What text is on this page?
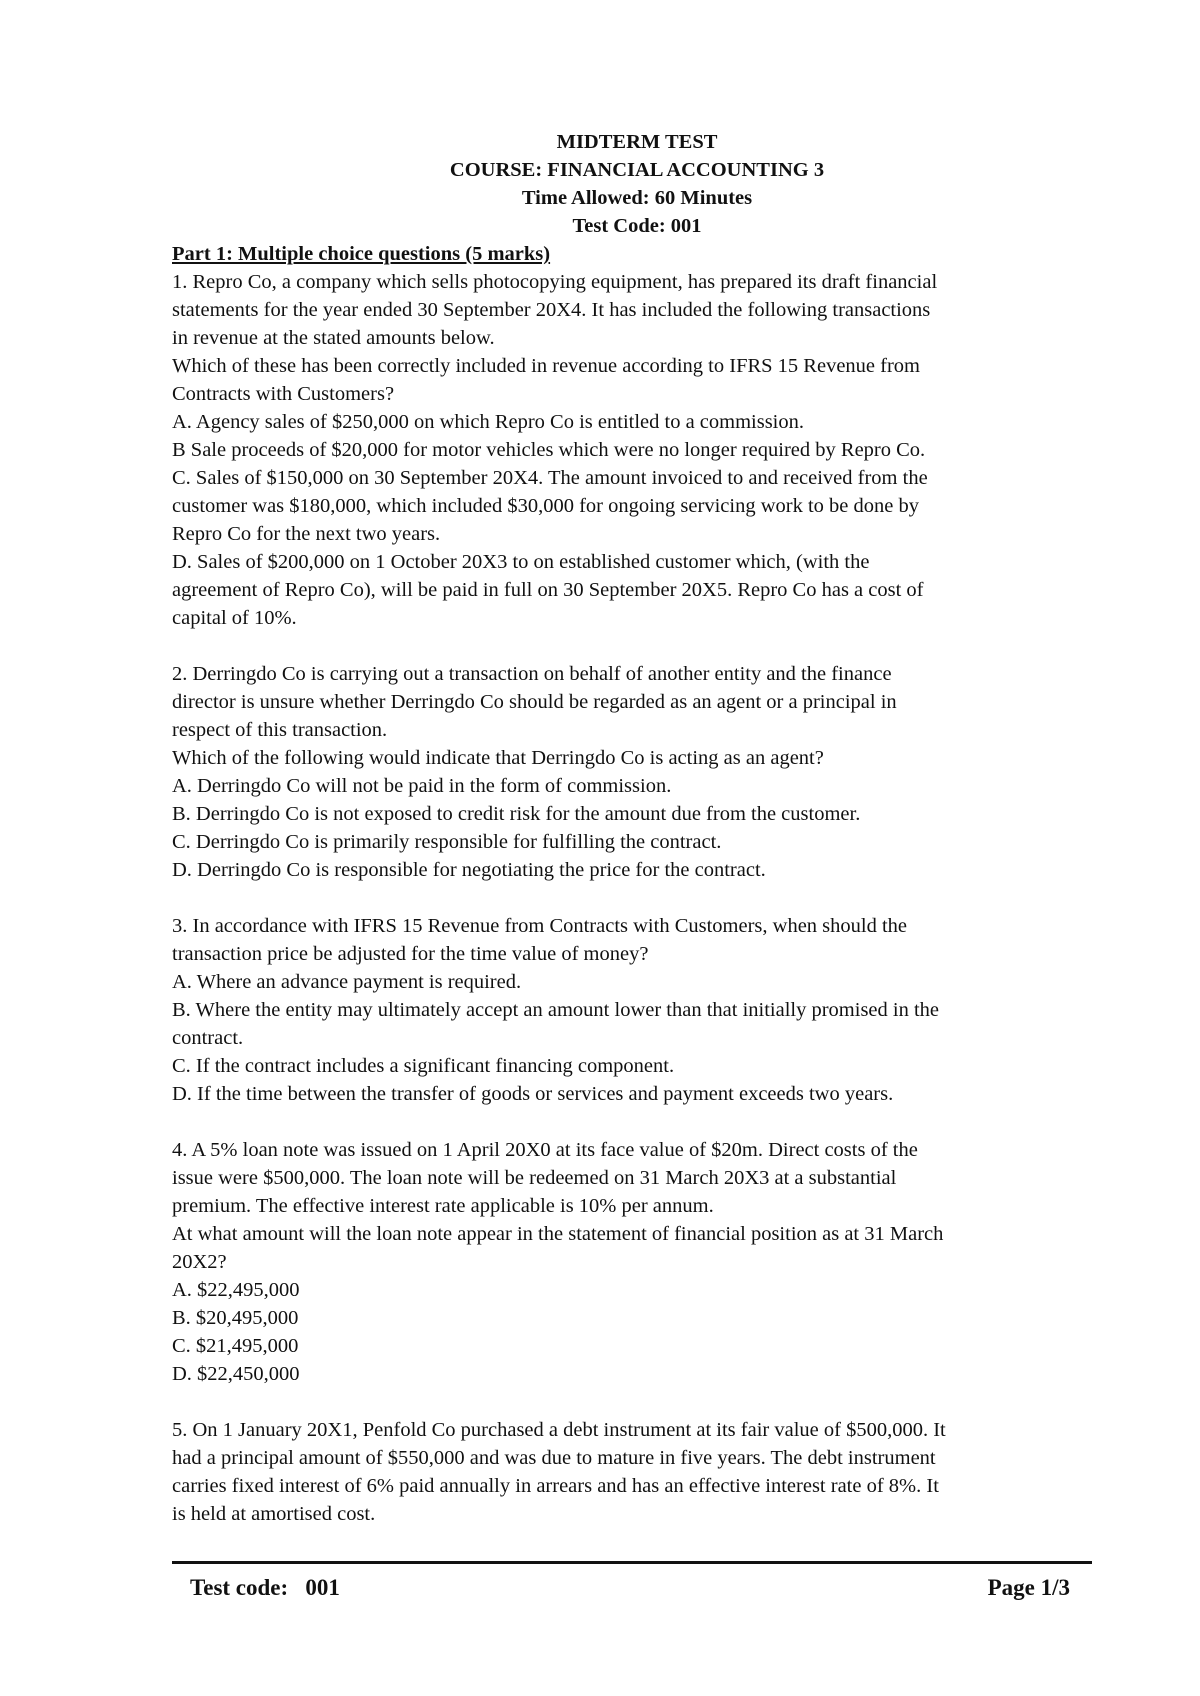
MIDTERM TEST
COURSE: FINANCIAL ACCOUNTING 3
Time Allowed: 60 Minutes
Test Code: 001
Part 1: Multiple choice questions (5 marks)
1. Repro Co, a company which sells photocopying equipment, has prepared its draft financial
statements for the year ended 30 September 20X4. It has included the following transactions
in revenue at the stated amounts below.
Which of these has been correctly included in revenue according to IFRS 15 Revenue from
Contracts with Customers?
A. Agency sales of $250,000 on which Repro Co is entitled to a commission.
B Sale proceeds of $20,000 for motor vehicles which were no longer required by Repro Co.
C. Sales of $150,000 on 30 September 20X4. The amount invoiced to and received from the
customer was $180,000, which included $30,000 for ongoing servicing work to be done by
Repro Co for the next two years.
D. Sales of $200,000 on 1 October 20X3 to on established customer which, (with the
agreement of Repro Co), will be paid in full on 30 September 20X5. Repro Co has a cost of
capital of 10%.
2. Derringdo Co is carrying out a transaction on behalf of another entity and the finance
director is unsure whether Derringdo Co should be regarded as an agent or a principal in
respect of this transaction.
Which of the following would indicate that Derringdo Co is acting as an agent?
A. Derringdo Co will not be paid in the form of commission.
B. Derringdo Co is not exposed to credit risk for the amount due from the customer.
C. Derringdo Co is primarily responsible for fulfilling the contract.
D. Derringdo Co is responsible for negotiating the price for the contract.
3. In accordance with IFRS 15 Revenue from Contracts with Customers, when should the
transaction price be adjusted for the time value of money?
A. Where an advance payment is required.
B. Where the entity may ultimately accept an amount lower than that initially promised in the
contract.
C. If the contract includes a significant financing component.
D. If the time between the transfer of goods or services and payment exceeds two years.
4. A 5% loan note was issued on 1 April 20X0 at its face value of $20m. Direct costs of the
issue were $500,000. The loan note will be redeemed on 31 March 20X3 at a substantial
premium. The effective interest rate applicable is 10% per annum.
At what amount will the loan note appear in the statement of financial position as at 31 March
20X2?
A. $22,495,000
B. $20,495,000
C. $21,495,000
D. $22,450,000
5. On 1 January 20X1, Penfold Co purchased a debt instrument at its fair value of $500,000. It
had a principal amount of $550,000 and was due to mature in five years. The debt instrument
carries fixed interest of 6% paid annually in arrears and has an effective interest rate of 8%. It
is held at amortised cost.
Test code:   001	Page 1/3
